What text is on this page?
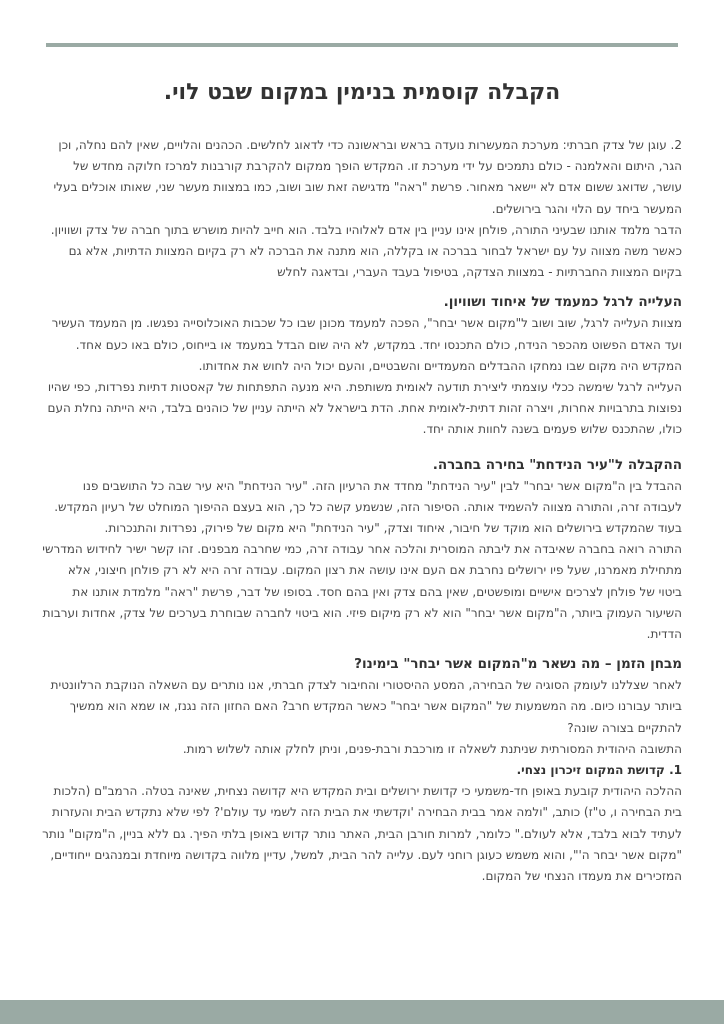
הקבלה קוסמית בנימין במקום שבט לוי.

2. עוגן של צדק חברתי: מערכת המעשרות נועדה בראש ובראשונה כדי לדאוג לחלשים. הכהנים והלויים, שאין להם נחלה, וכן הגר, היתום והאלמנה - כולם נתמכים על ידי מערכת זו. המקדש הופך ממקום להקרבת קורבנות למרכז חלוקה מחדש של עושר, שדואג ששום אדם לא יישאר מאחור. פרשת "ראה" מדגישה זאת שוב ושוב, כמו במצוות מעשר שני, שאותו אוכלים בעלי המעשר ביחד עם הלוי והגר בירושלים.

הדבר מלמד אותנו שבעיני התורה, פולחן אינו עניין בין אדם לאלוהיו בלבד. הוא חייב להיות מושרש בתוך חברה של צדק ושוויון. כאשר משה מצווה על עם ישראל לבחור בברכה או בקללה, הוא מתנה את הברכה לא רק בקיום המצוות הדתיות, אלא גם בקיום המצוות החברתיות - במצוות הצדקה, בטיפול בעבד העברי, ובדאגה לחלש

העלייה לרגל כמעמד של איחוד ושוויון.

מצוות העלייה לרגל, שוב ושוב ל"מקום אשר יבחר", הפכה למעמד מכונן שבו כל שכבות האוכלוסייה נפגשו. מן המעמד העשיר ועד האדם הפשוט מהכפר הנידח, כולם התכנסו יחד. במקדש, לא היה שום הבדל במעמד או בייחוס, כולם באו כעם אחד. המקדש היה מקום שבו נמחקו ההבדלים המעמדיים והשבטיים, והעם יכול היה לחוש את אחדותו.

העלייה לרגל שימשה ככלי עוצמתי ליצירת תודעה לאומית משותפת. היא מנעה התפתחות של קאסטות דתיות נפרדות, כפי שהיו נפוצות בתרבויות אחרות, ויצרה זהות דתית-לאומית אחת. הדת בישראל לא הייתה עניין של כוהנים בלבד, היא הייתה נחלת העם כולו, שהתכנס שלוש פעמים בשנה לחוות אותה יחד.

ההקבלה ל"עיר הנידחת" בחירה בחברה.

ההבדל בין ה"מקום אשר יבחר" לבין "עיר הנידחת" מחדד את הרעיון הזה. "עיר הנידחת" היא עיר שבה כל התושבים פנו לעבודה זרה, והתורה מצווה להשמיד אותה. הסיפור הזה, שנשמע קשה כל כך, הוא בעצם ההיפוך המוחלט של רעיון המקדש. בעוד שהמקדש בירושלים הוא מוקד של חיבור, איחוד וצדק, "עיר הנידחת" היא מקום של פירוק, נפרדות והתנכרות.

התורה רואה בחברה שאיבדה את ליבתה המוסרית והלכה אחר עבודה זרה, כמי שחרבה מבפנים. זהו קשר ישיר לחידוש המדרשי מתחילת מאמרנו, שעל פיו ירושלים נחרבת אם העם אינו עושה את רצון המקום. עבודה זרה היא לא רק פולחן חיצוני, אלא ביטוי של פולחן לצרכים אישיים ומופשטים, שאין בהם צדק ואין בהם חסד. בסופו של דבר, פרשת "ראה" מלמדת אותנו את השיעור העמוק ביותר, ה"מקום אשר יבחר" הוא לא רק מיקום פיזי. הוא ביטוי לחברה שבוחרת בערכים של צדק, אחדות וערבות הדדית.

מבחן הזמן – מה נשאר מ"המקום אשר יבחר" בימינו?

לאחר שצללנו לעומק הסוגיה של הבחירה, המסע ההיסטורי והחיבור לצדק חברתי, אנו נותרים עם השאלה הנוקבת הרלוונטית ביותר עבורנו כיום. מה המשמעות של "המקום אשר יבחר" כאשר המקדש חרב? האם החזון הזה נגנז, או שמא הוא ממשיך להתקיים בצורה שונה?

התשובה היהודית המסורתית שניתנת לשאלה זו מורכבת ורבת-פנים, וניתן לחלק אותה לשלוש רמות.

1. קדושת המקום זיכרון נצחי.

ההלכה היהודית קובעת באופן חד-משמעי כי קדושת ירושלים ובית המקדש היא קדושה נצחית, שאינה בטלה. הרמב"ם (הלכות בית הבחירה ו, ט"ז) כותב, "ולמה אמר בבית הבחירה 'וקדשתי את הבית הזה לשמי עד עולם'? לפי שלא נתקדש הבית והעזרות לעתיד לבוא בלבד, אלא לעולם." כלומר, למרות חורבן הבית, האתר נותר קדוש באופן בלתי הפיך. גם ללא בניין, ה"מקום" נותר "מקום אשר יבחר ה'", והוא משמש כעוגן רוחני לעם. עלייה להר הבית, למשל, עדיין מלווה בקדושה מיוחדת ובמנהגים ייחודיים, המזכירים את מעמדו הנצחי של המקום.
